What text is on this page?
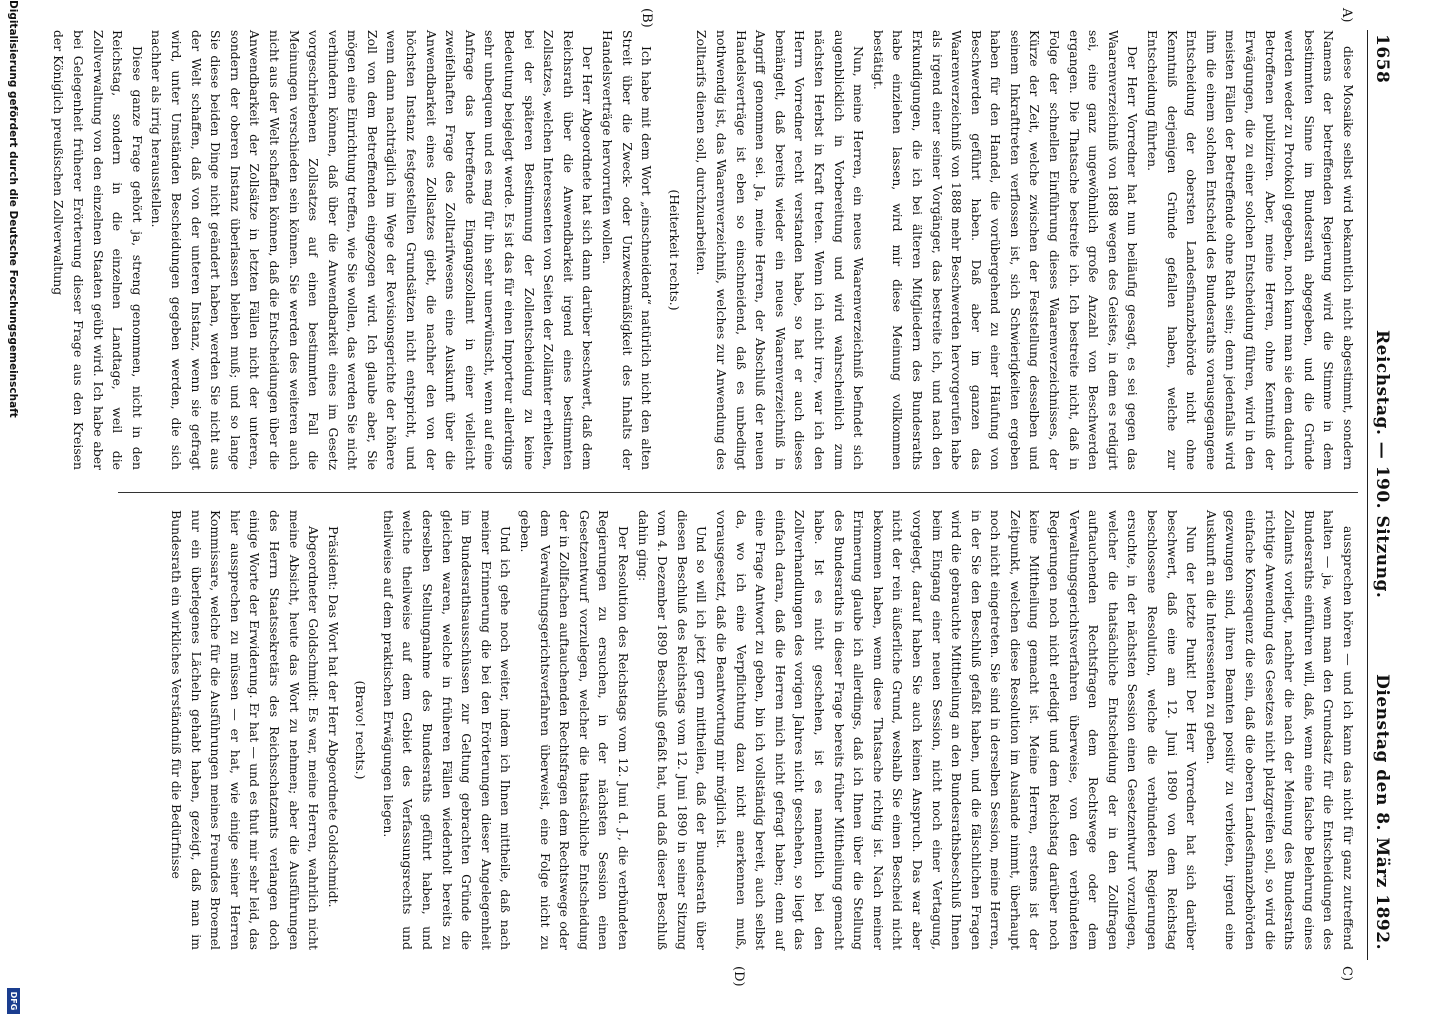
1658
Reichstag. — 190. Sitzung.
Dienstag den 8. März 1892.
A)
(B)
C)
(D)

diese Mosaike selbst wird bekanntlich nicht abgestimmt, sondern Namens der betreffenden Regierung wird die Stimme in dem bestimmten Sinne im Bundesrath abgegeben, und die Gründe werden weder zu Protokoll gegeben, noch kann man sie dem dadurch Betroffenen publiziren. Aber, meine Herren, ohne Kenntniß der Erwägungen, die zu einer solchen Entscheidung führen, wird in den meisten Fällen der Betreffende ohne Rath sein; denn jedenfalls wird ihm die einem solchen Entscheid des Bundesraths vorausgegangene Entscheidung der obersten Landesfinanzbehörde nicht ohne Kenntniß derjenigen Gründe gefallen haben, welche zur Entscheidung führten.

Der Herr Vorredner hat nun beiläufig gesagt, es sei gegen das Waarenverzeichniß von 1888 wegen des Geistes, in dem es redigirt sei, eine ganz ungewöhnlich große Anzahl von Beschwerden ergangen. Die Thatsache bestreite ich. Ich bestreite nicht, daß in Folge der schnellen Einführung dieses Waarenverzeichnisses, der Kürze der Zeit, welche zwischen der Feststellung desselben und seinem Inkrafttreten verflossen ist, sich Schwierigkeiten ergeben haben für den Handel, die vorübergehend zu einer Häufung von Beschwerden geführt haben. Daß aber im ganzen das Waarenverzeichniß von 1888 mehr Beschwerden hervorgerufen habe als irgend einer seiner Vorgänger, das bestreite ich, und nach den Erkundigungen, die ich bei älteren Mitgliedern des Bundesraths habe einziehen lassen, wird mir diese Meinung vollkommen bestätigt.

Nun, meine Herren, ein neues Waarenverzeichniß befindet sich augenblicklich in Vorbereitung und wird wahrscheinlich zum nächsten Herbst in Kraft treten. Wenn ich nicht irre, war ich den Herrn Vorredner recht verstanden habe, so hat er auch dieses bemängelt, daß bereits wieder ein neues Waarenverzeichniß in Angriff genommen sei. Ja, meine Herren, der Abschluß der neuen Handelsverträge ist eben so einschneidend, daß es unbedingt nothwendig ist, das Waarenverzeichniß, welches zur Anwendung des Zolltarifs dienen soll, durchzuarbeiten.

(Heiterkeit rechts.)

Ich habe mit dem Wort „einschneidend“ natürlich nicht den alten Streit über die Zweck- oder Unzweckmäßigkeit des Inhalts der Handelsverträge hervorrufen wollen.

Der Herr Abgeordnete hat sich dann darüber beschwert, daß dem Reichsrath über die Anwendbarkeit irgend eines bestimmten Zollsatzes, welchen Interessenten von Seiten der Zollämter erhielten, bei der späteren Bestimmung der Zollentscheidung zu keine Bedeutung beigelegt werde. Es ist das für einen Importeur allerdings sehr unbequem und es mag für ihn sehr unerwünscht, wenn auf eine Anfrage das betreffende Eingangszollamt in einer vielleicht zweifelhaften Frage des Zolltarifwesens eine Auskunft über die Anwendbarkeit eines Zollsatzes giebt, die nachher den von der höchsten Instanz festgestellten Grundsätzen nicht entspricht, und wenn dann nachträglich im Wege der Revisionsgerichte der höhere Zoll von dem Betreffenden eingezogen wird. Ich glaube aber, Sie mögen eine Einrichtung treffen, wie Sie wollen, das werden Sie nicht verhindern können, daß über die Anwendbarkeit eines im Gesetz vorgeschriebenen Zollsatzes auf einen bestimmten Fall die Meinungen verschieden sein können. Sie werden des weiteren auch nicht aus der Welt schaffen können, daß die Entscheidungen über die Anwendbarkeit der Zollsätze in letzten Fällen nicht der unteren, sondern der oberen Instanz überlassen bleiben muß; und so lange Sie diese beiden Dinge nicht geändert haben, werden Sie nicht aus der Welt schaffen, daß von der unteren Instanz, wenn sie gefragt wird, unter Umständen Bescheidungen gegeben werden, die sich nachher als irrig herausstellen.

Diese ganze Frage gehört ja, streng genommen, nicht in den Reichstag, sondern in die einzelnen Landtage, weil die Zollverwaltung von den einzelnen Staaten geübt wird. Ich habe aber bei Gelegenheit früherer Erörterung dieser Frage aus den Kreisen der Königlich preußischen Zollverwaltung

aussprechen hören — und ich kann das nicht für ganz zutreffend halten — ja, wenn man den Grundsatz für die Entscheidungen des Bundesraths einführen will, daß, wenn eine falsche Belehrung eines Zollamts vorliegt, nachher die nach der Meinung des Bundesraths richtige Anwendung des Gesetzes nicht platzgreifen soll, so wird die einfache Konsequenz die sein, daß die oberen Landesfinanzbehörden gezwungen sind, ihren Beamten positiv zu verbieten, irgend eine Auskunft an die Interessenten zu geben.

Nun der letzte Punkt! Der Herr Vorredner hat sich darüber beschwert, daß eine am 12. Juni 1890 von dem Reichstag beschlossene Resolution, welche die verbündeten Regierungen ersuchte, in der nächsten Session einen Gesetzentwurf vorzulegen, welcher die thatsächliche Entscheidung der in den Zollfragen auftauchenden Rechtsfragen dem Rechtswege oder dem Verwaltungsgerichtsverfahren überweise, von den verbündeten Regierungen noch nicht erledigt und dem Reichstag darüber noch keine Mittheilung gemacht ist. Meine Herren, erstens ist der Zeitpunkt, welchen diese Resolution im Auslande nimmt, überhaupt noch nicht eingetreten. Sie sind in derselben Session, meine Herren, in der Sie den Beschluß gefaßt haben, und die fälschlichen Fragen wird die gebrauchte Mittheilung an den Bundesrathsbeschluß Ihnen beim Eingang einer neuen Session, nicht noch einer Vertagung, vorgelegt, darauf haben Sie auch keinen Anspruch. Das war aber nicht der rein äußerliche Grund, weshalb Sie einen Bescheid nicht bekommen haben, wenn diese Thatsache richtig ist. Nach meiner Erinnerung glaube ich allerdings, daß ich Ihnen über die Stellung des Bundesraths in dieser Frage bereits früher Mittheilung gemacht habe. Ist es nicht geschehen, ist es namentlich bei den Zollverhandlungen des vorigen Jahres nicht geschehen, so liegt das einfach daran, daß die Herren mich nicht gefragt haben; denn auf eine Frage Antwort zu geben, bin ich vollständig bereit, auch selbst da, wo ich eine Verpflichtung dazu nicht anerkennen muß, vorausgesetzt, daß die Beantwortung mir möglich ist.

Und so will ich jetzt gern mittheilen, daß der Bundesrath über diesen Beschluß des Reichstags vom 12. Juni 1890 in seiner Sitzung vom 4. Dezember 1890 Beschluß gefaßt hat, und daß dieser Beschluß dahin ging:

Der Resolution des Reichstags vom 12. Juni d. J., die verbündeten Regierungen zu ersuchen, in der nächsten Session einen Gesetzentwurf vorzulegen, welcher die thatsächliche Entscheidung der in Zollfachen auftauchenden Rechtsfragen dem Rechtswege oder dem Verwaltungsgerichtsverfahren überweist, eine Folge nicht zu geben.

Und ich gehe noch weiter, indem ich Ihnen mittheile, daß nach meiner Erinnerung die bei den Erörterungen dieser Angelegenheit im Bundesrathsausschüssen zur Geltung gebrachten Gründe die gleichen waren, welche in früheren Fällen wiederholt bereits zu derselben Stellungnahme des Bundesraths geführt haben, und welche theilweise auf dem Gebiet des Verfassungsrechts und theilweise auf dem praktischen Erwägungen liegen.

(Bravo! rechts.)

Präsident: Das Wort hat der Herr Abgeordnete Goldschmidt.

Abgeordneter Goldschmidt: Es war, meine Herren, wahrlich nicht meine Absicht, heute das Wort zu nehmen; aber die Ausführungen des Herrn Staatssekretärs des Reichsschatzamts verlangen doch einige Worte der Erwiderung. Er hat — und es thut mir sehr leid, das hier aussprechen zu müssen — er hat, wie einige seiner Herren Kommissare, welche für die Ausführungen meines Freundes Broemel nur ein überlegenes Lächeln gehabt haben, gezeigt, daß man im Bundesrath ein wirkliches Verständniß für die Bedürfnisse

Digitalisierung gefördert durch die Deutsche Forschungsgemeinschaft
DFG
